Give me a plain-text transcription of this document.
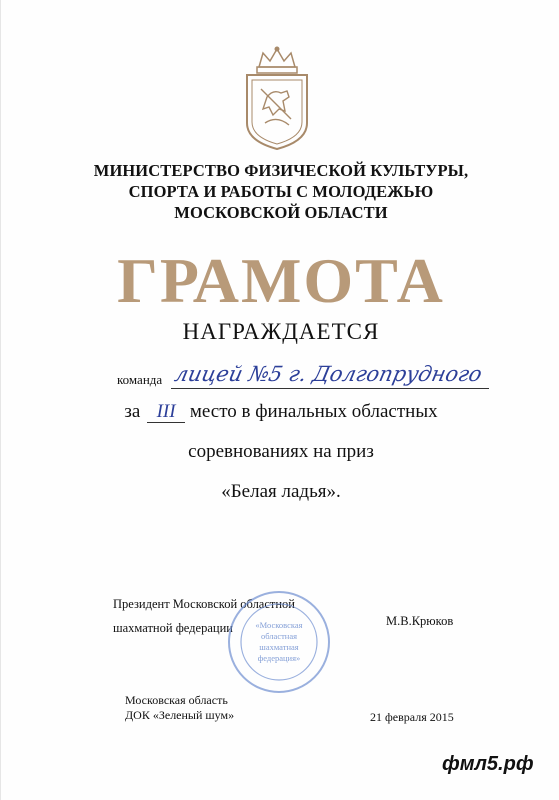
МИНИСТЕРСТВО ФИЗИЧЕСКОЙ КУЛЬТУРЫ,
СПОРТА И РАБОТЫ С МОЛОДЕЖЬЮ
МОСКОВСКОЙ ОБЛАСТИ
ГРАМОТА
НАГРАЖДАЕТСЯ
команда лицей №5 г. Долгопрудного
за III место в финальных областных
соревнованиях на приз
«Белая ладья».
Президент Московской областной
шахматной федерации	«Московская
областная
шахматная
федерация»
М.В.Крюков
Московская область
ДОК «Зеленый шум»	21 февраля 2015
фмл5.рф
